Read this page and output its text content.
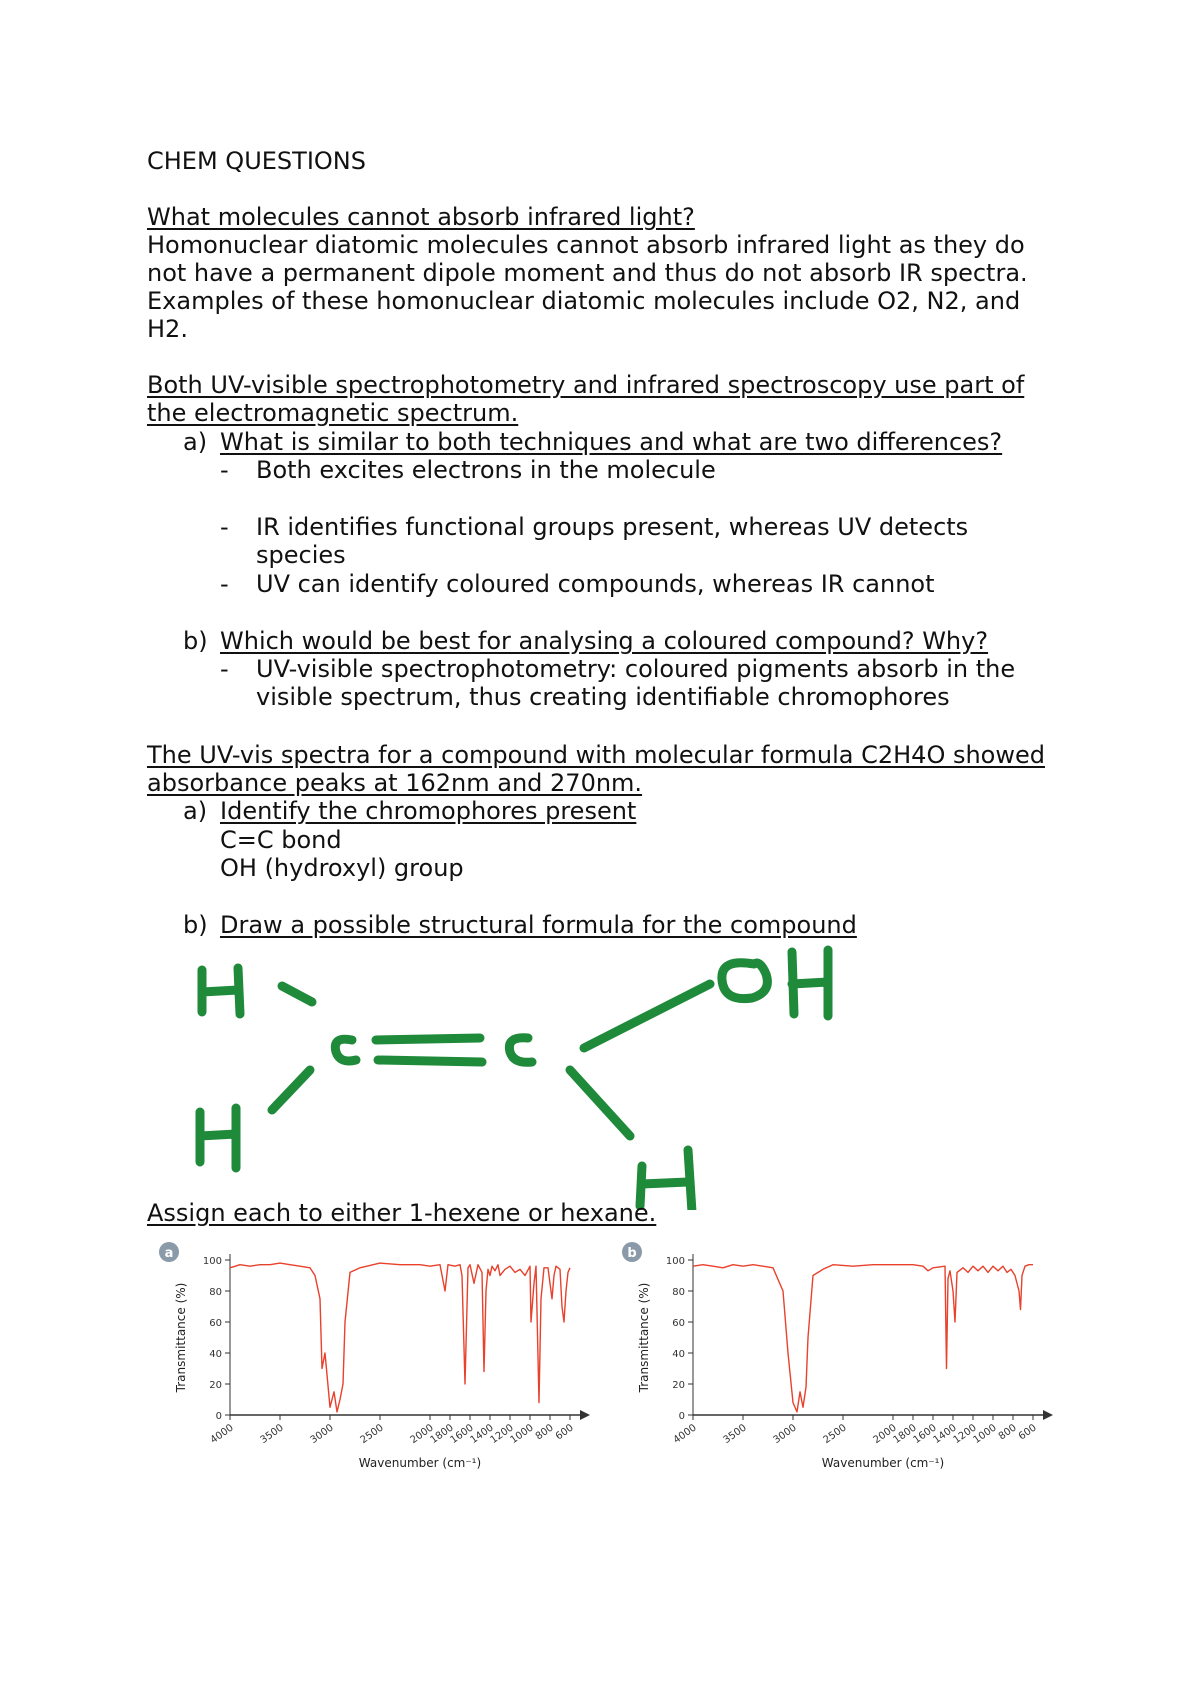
CHEM QUESTIONS
What molecules cannot absorb infrared light?
Homonuclear diatomic molecules cannot absorb infrared light as they do
not have a permanent dipole moment and thus do not absorb IR spectra.
Examples of these homonuclear diatomic molecules include O2, N2, and
H2.
Both UV-visible spectrophotometry and infrared spectroscopy use part of
the electromagnetic spectrum.
a) What is similar to both techniques and what are two differences?
- Both excites electrons in the molecule
- IR identifies functional groups present, whereas UV detects
species
- UV can identify coloured compounds, whereas IR cannot
b) Which would be best for analysing a coloured compound? Why?
- UV-visible spectrophotometry: coloured pigments absorb in the
visible spectrum, thus creating identifiable chromophores
The UV-vis spectra for a compound with molecular formula C2H4O showed
absorbance peaks at 162nm and 270nm.
a) Identify the chromophores present
C=C bond
OH (hydroxyl) group
b) Draw a possible structural formula for the compound
Assign each to either 1-hexene or hexane.
a
0
20
40
60
80
100
4000 3500 3000 2500 2000
1800
1600
1400
1200
1000
800
600
Wavenumber (cm⁻¹)
Transmittance (%)
b
0
20
40
60
80
100
4000 3500 3000 2500 2000
1800
1600
1400
1200
1000
800
600
Wavenumber (cm⁻¹)
Transmittance (%)
